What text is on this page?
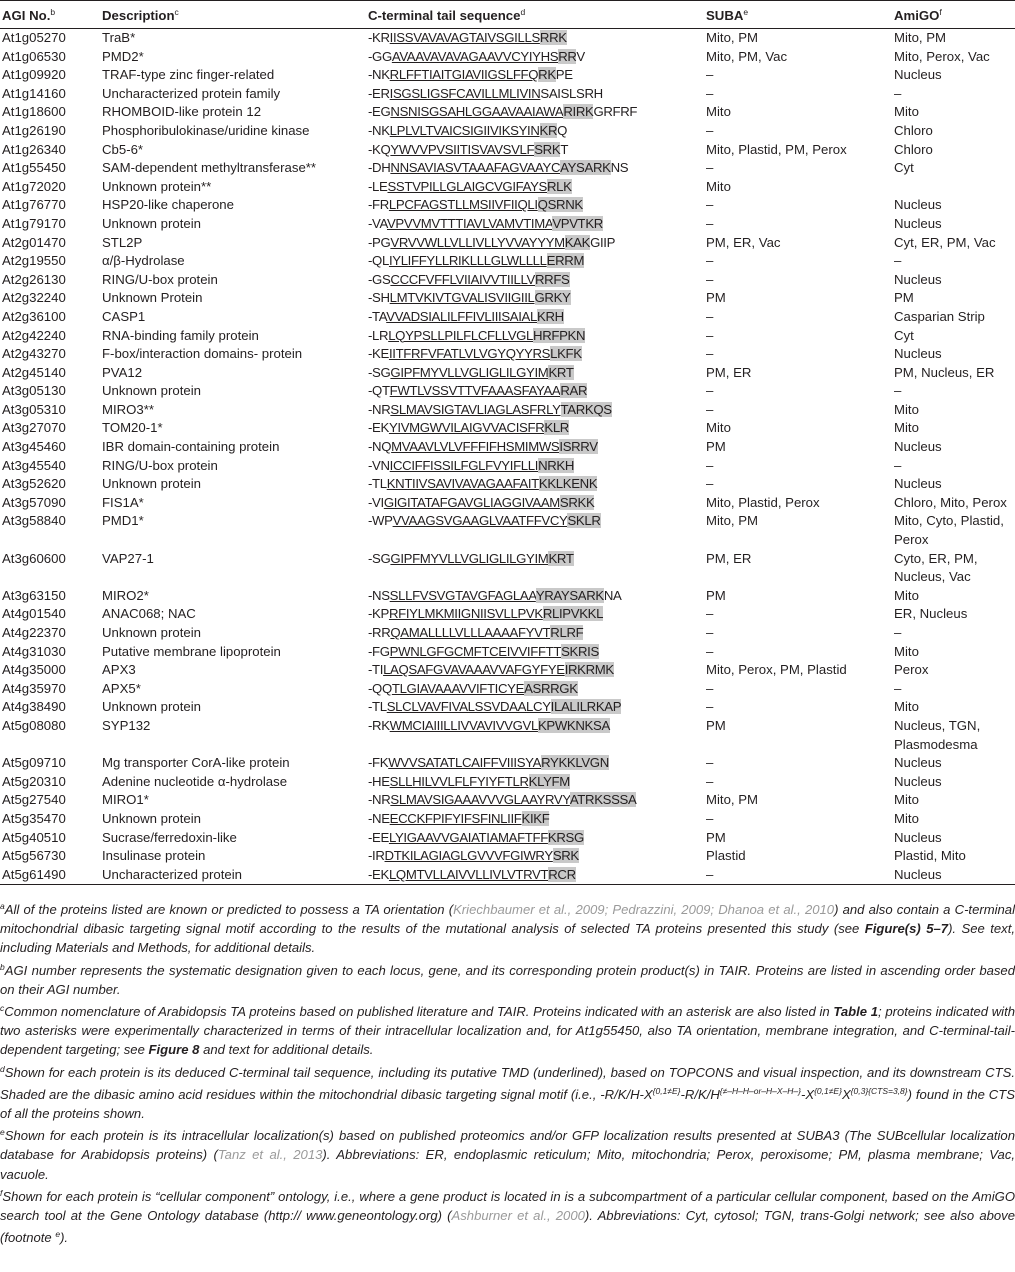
AGI No.$^b$	Description$^c$	C-terminal tail sequence$^d$	SUBA$^e$	AmiGO$^f$
At1g05270	TraB*	-KRIISSVAVAVAGTAIVSGILLSRRK	Mito, PM	Mito, PM
At1g06530	PMD2*	-GGAVAAVAVAVAGAAVVCYIYHSRRV	Mito, PM, Vac	Mito, Perox, Vac
At1g09920	TRAF-type zinc finger-related	-NKRLFFTIAITGIAVIIGSLFFQRKPE	–	Nucleus
At1g14160	Uncharacterized protein family	-ERISGSLIGSFCAVILLMLIVINSAISLSRH	–	–
At1g18600	RHOMBOID-like protein 12	-EGNSNISGSAHLGGAAVAAIAWARIRKGRFRF	Mito	Mito
At1g26190	Phosphoribulokinase/uridine kinase	-NKLPLVLTVAICSIGIIVIKSYINKRQ	–	Chloro
At1g26340	Cb5-6*	-KQYWVVPVSIITISVAVSVLFSRKT	Mito, Plastid, PM, Perox	Chloro
At1g55450	SAM-dependent methyltransferase**	-DHNNSAVIASVTAAAFAGVAAYCAYSARKNS	–	Cyt
At1g72020	Unknown protein**	-LESSTVPILLGLAIGCVGIFAYSRLK	Mito	
At1g76770	HSP20-like chaperone	-FRLPCFAGSTLLMSIIVFIIQLIQSRNK	–	Nucleus
At1g79170	Unknown protein	-VAVPVVMVTTTIAVLVAMVTIMAVPVTKR	–	Nucleus
At2g01470	STL2P	-PGVRVVWLLVLLIVLLYVVAYYYMKAKGIIP	PM, ER, Vac	Cyt, ER, PM, Vac
At2g19550	α/β-Hydrolase	-QLIYLIFFYLLRIKLLLGLWLLLLERRM	–	–
At2g26130	RING/U-box protein	-GSCCCFVFFLVIIAIVVTIILLVRRFS	–	Nucleus
At2g32240	Unknown Protein	-SHLMTVKIVTGVALISVIIGIILGRKY	PM	PM
At2g36100	CASP1	-TAVVADSIALILFFIVLIIISAIALKRH	–	Casparian Strip
At2g42240	RNA-binding family protein	-LRLQYPSLLPILFLCFLLVGLHRFPKN	–	Cyt
At2g43270	F-box/interaction domains- protein	-KEIITFRFVFATLVLVGYQYYRSLKFK	–	Nucleus
At2g45140	PVA12	-SGGIPFMYVLLVGLIGLILGYIMKRT	PM, ER	PM, Nucleus, ER
At3g05130	Unknown protein	-QTFWTLVSSVTTVFAAASFAYAARAR	–	–
At3g05310	MIRO3**	-NRSLMAVSIGTAVLIAGLASFRLYTARKQS	–	Mito
At3g27070	TOM20-1*	-EKYIVMGWVILAIGVVACISFRKLR	Mito	Mito
At3g45460	IBR domain-containing protein	-NQMVAAVLVLVFFFIFHSMIMWSISRRV	PM	Nucleus
At3g45540	RING/U-box protein	-VNICCIFFISSILFGLFVYIFLLINRKH	–	–
At3g52620	Unknown protein	-TLKNTIIVSAVIVAVAGAAFAITKKLKENK	–	Nucleus
At3g57090	FIS1A*	-VIGIGITATAFGAVGLIAGGIVAAMSRKK	Mito, Plastid, Perox	Chloro, Mito, Perox
At3g58840	PMD1*	-WPVVAAGSVGAAGLVAATFFVCYSKLR	Mito, PM	Mito, Cyto, Plastid, Perox
At3g60600	VAP27-1	-SGGIPFMYVLLVGLIGLILGYIMKRT	PM, ER	Cyto, ER, PM, Nucleus, Vac
At3g63150	MIRO2*	-NSSLLFVSVGTAVGFAGLAAYRAYSARKNA	PM	Mito
At4g01540	ANAC068; NAC	-KPRFIYLMKMIIGNIISVLLPVKRLIPVKKL	–	ER, Nucleus
At4g22370	Unknown protein	-RRQAMALLLLVLLLAAAAFYVTRLRF	–	–
At4g31030	Putative membrane lipoprotein	-FGPWNLGFGCMFTCEIVVIFFTTSKRIS	–	Mito
At4g35000	APX3	-TILAQSAFGVAVAAAVVAFGYFYEIRKRMK	Mito, Perox, PM, Plastid	Perox
At4g35970	APX5*	-QQTLGIAVAAAVVIFTICYEASRRGK	–	–
At4g38490	Unknown protein	-TLSLCLVAVFIVALSSVDAALCYILALILRKAP	–	Mito
At5g08080	SYP132	-RKWMCIAIIILLIVVAVIVVGVLKPWKNKSA	PM	Nucleus, TGN, Plasmodesma
At5g09710	Mg transporter CorA-like protein	-FKWVVSATATLCAIFFVIIISYARYKKLVGN	–	Nucleus
At5g20310	Adenine nucleotide α-hydrolase	-HESLLHILVVLFLFYIYFTLRKLYFM	–	Nucleus
At5g27540	MIRO1*	-NRSLMAVSIGAAAVVVGLAAYRVYATRKSSSA	Mito, PM	Mito
At5g35470	Unknown protein	-NEECCKFPIFYIFSFINLIIFKIKF	–	Mito
At5g40510	Sucrase/ferredoxin-like	-EELYIGAAVVGAIATIAMAFTFFKRSG	PM	Nucleus
At5g56730	Insulinase protein	-IRDTKILAGIAGLGVVVFGIWRYSRK	Plastid	Plastid, Mito
At5g61490	Uncharacterized protein	-EKLQMTVLLAIVVLLIVLVTRVTRCR	–	Nucleus

$^a$All of the proteins listed are known or predicted to possess a TA orientation (Kriechbaumer et al., 2009; Pedrazzini, 2009; Dhanoa et al., 2010) and also contain a C-terminal mitochondrial dibasic targeting signal motif according to the results of the mutational analysis of selected TA proteins presented this study (see Figure(s) 5–7). See text, including Materials and Methods, for additional details.

$^b$AGI number represents the systematic designation given to each locus, gene, and its corresponding protein product(s) in TAIR. Proteins are listed in ascending order based on their AGI number.

$^c$Common nomenclature of Arabidopsis TA proteins based on published literature and TAIR. Proteins indicated with an asterisk are also listed in Table 1; proteins indicated with two asterisks were experimentally characterized in terms of their intracellular localization and, for At1g55450, also TA orientation, membrane integration, and C-terminal-tail-dependent targeting; see Figure 8 and text for additional details.

$^d$Shown for each protein is its deduced C-terminal tail sequence, including its putative TMD (underlined), based on TOPCONS and visual inspection, and its downstream CTS. Shaded are the dibasic amino acid residues within the mitochondrial dibasic targeting signal motif (i.e., $-R/K/H-X^{\{0,1\ne E\}}-R/K/H^{\{\ne-H-H-or-H-X-H-\}}-X^{\{0,1\ne E\}}X^{\{0,3\}\{CTS=3,8\}}$) found in the CTS of all the proteins shown.

$^e$Shown for each protein is its intracellular localization(s) based on published proteomics and/or GFP localization results presented at SUBA3 (The SUBcellular localization database for Arabidopsis proteins) (Tanz et al., 2013). Abbreviations: ER, endoplasmic reticulum; Mito, mitochondria; Perox, peroxisome; PM, plasma membrane; Vac, vacuole.

$^f$Shown for each protein is “cellular component” ontology, i.e., where a gene product is located in is a subcompartment of a particular cellular component, based on the AmiGO search tool at the Gene Ontology database (http:// www.geneontology.org) (Ashburner et al., 2000). Abbreviations: Cyt, cytosol; TGN, trans-Golgi network; see also above (footnote $^e$).
